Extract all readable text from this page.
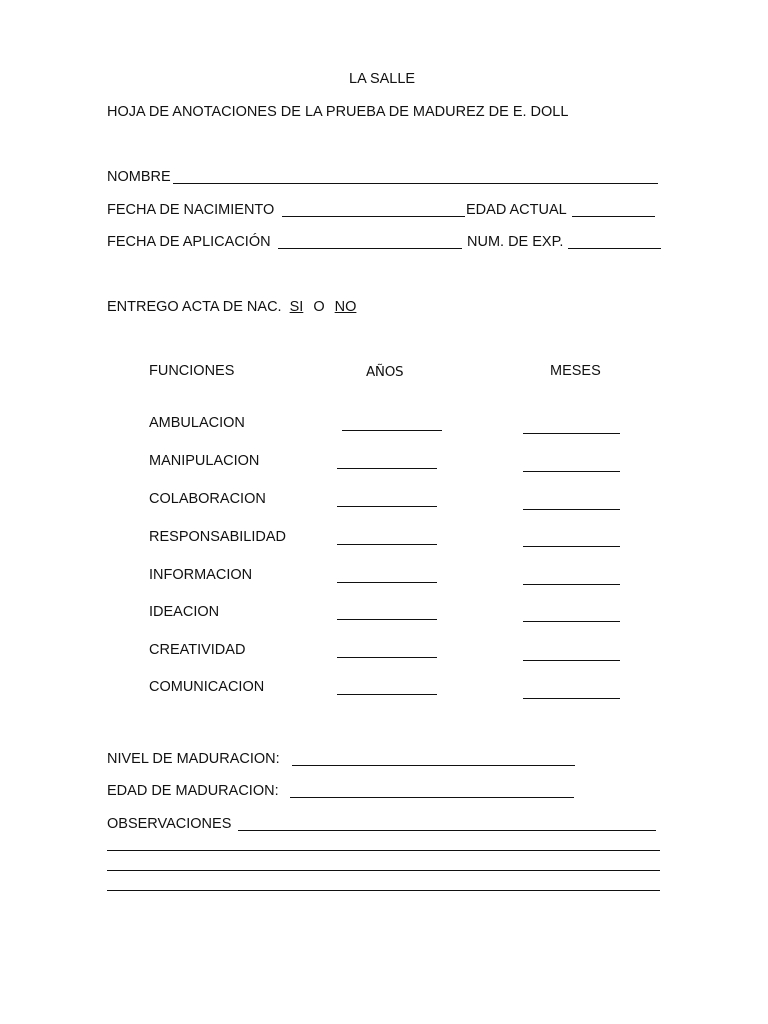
LA SALLE
HOJA DE ANOTACIONES DE LA PRUEBA DE MADUREZ DE E. DOLL
NOMBRE
FECHA DE NACIMIENTO	EDAD ACTUAL
FECHA DE APLICACIÓN	NUM. DE EXP.
ENTREGO ACTA DE NAC. SI O NO
FUNCIONES	AÑOS	MESES
AMBULACION
MANIPULACION
COLABORACION
RESPONSABILIDAD
INFORMACION
IDEACION
CREATIVIDAD
COMUNICACION
NIVEL DE MADURACION:
EDAD DE MADURACION:
OBSERVACIONES
